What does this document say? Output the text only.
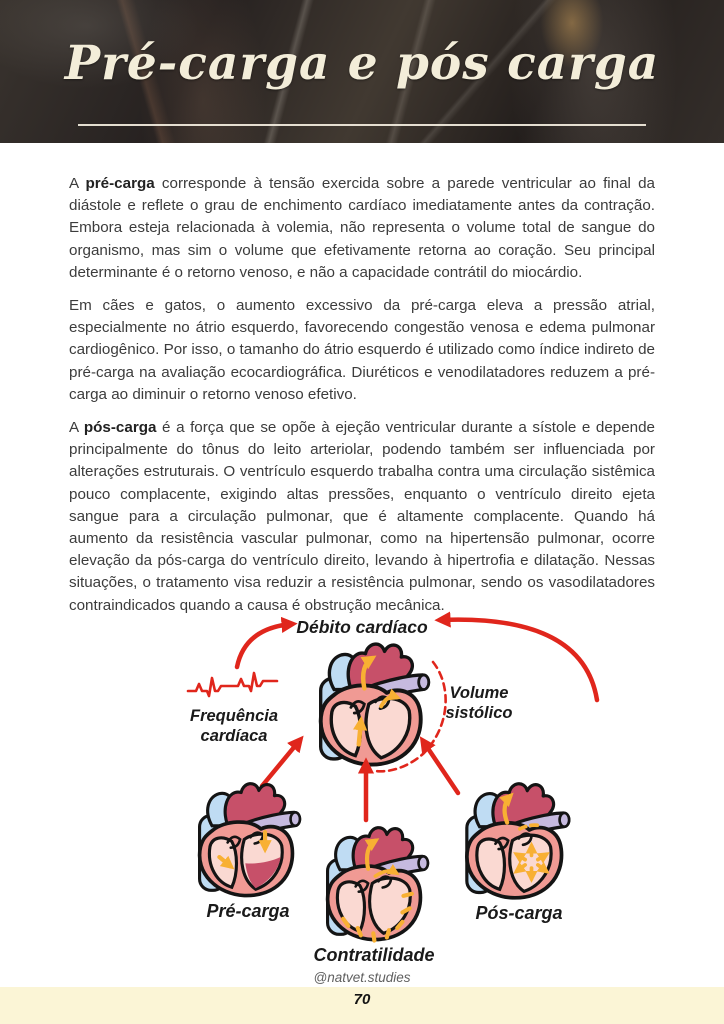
Pré-carga e pós carga

A pré-carga corresponde à tensão exercida sobre a parede ventricular ao final da diástole e reflete o grau de enchimento cardíaco imediatamente antes da contração. Embora esteja relacionada à volemia, não representa o volume total de sangue do organismo, mas sim o volume que efetivamente retorna ao coração. Seu principal determinante é o retorno venoso, e não a capacidade contrátil do miocárdio.

Em cães e gatos, o aumento excessivo da pré-carga eleva a pressão atrial, especialmente no átrio esquerdo, favorecendo congestão venosa e edema pulmonar cardiogênico. Por isso, o tamanho do átrio esquerdo é utilizado como índice indireto de pré-carga na avaliação ecocardiográfica. Diuréticos e venodilatadores reduzem a pré-carga ao diminuir o retorno venoso efetivo.

A pós-carga é a força que se opõe à ejeção ventricular durante a sístole e depende principalmente do tônus do leito arteriolar, podendo também ser influenciada por alterações estruturais. O ventrículo esquerdo trabalha contra uma circulação sistêmica pouco complacente, exigindo altas pressões, enquanto o ventrículo direito ejeta sangue para a circulação pulmonar, que é altamente complacente. Quando há aumento da resistência vascular pulmonar, como na hipertensão pulmonar, ocorre elevação da pós-carga do ventrículo direito, levando à hipertrofia e dilatação. Nessas situações, o tratamento visa reduzir a resistência pulmonar, sendo os vasodilatadores contraindicados quando a causa é obstrução mecânica.

Débito cardíaco
Frequência
cardíaca
Volume
sistólico
Pré-carga
Contratilidade
Pós-carga
@natvet.studies
70
